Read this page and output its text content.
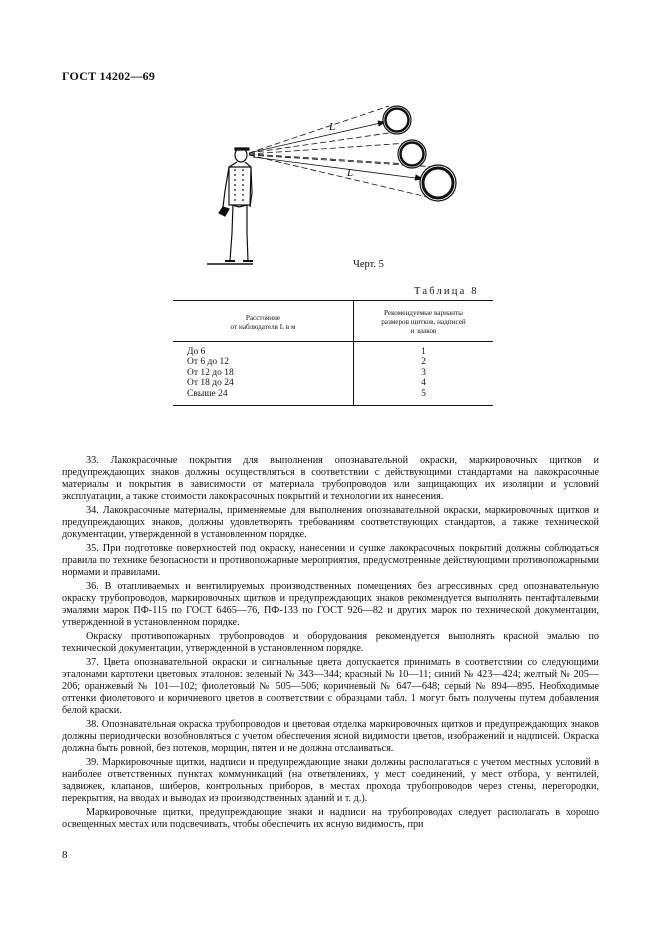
ГОСТ 14202—69
L
L
Черт. 5
Таблица 8
Расстояние
от наблюдателя L в м	Рекомендуемые варианты
размеров щитков, надписей
и знаков
До 6	1
От 6 до 12	2
От 12 до 18	3
От 18 до 24	4
Свыше 24	5

33. Лакокрасочные покрытия для выполнения опознавательной окраски, маркировочных щитков и предупреждающих знаков должны осуществляться в соответствии с действующими стандартами на лакокрасочные материалы и покрытия в зависимости от материала трубопроводов или защищающих их изоляции и условий эксплуатации, а также стоимости лакокрасочных покрытий и технологии их нанесения.

34. Лакокрасочные материалы, применяемые для выполнения опознавательной окраски, маркировочных щитков и предупреждающих знаков, должны удовлетворять требованиям соответствующих стандартов, а также технической документации, утвержденной в установленном порядке.

35. При подготовке поверхностей под окраску, нанесении и сушке лакокрасочных покрытий должны соблюдаться правила по технике безопасности и противопожарные мероприятия, предусмотренные действующими противопожарными нормами и правилами.

36. В отапливаемых и вентилируемых производственных помещениях без агрессивных сред опознавательную окраску трубопроводов, маркировочных щитков и предупреждающих знаков рекомендуется выполнять пентафталевыми эмалями марок ПФ-115 по ГОСТ 6465—76, ПФ-133 по ГОСТ 926—82 и других марок по технической документации, утвержденной в установленном порядке.

Окраску противопожарных трубопроводов и оборудования рекомендуется выполнять красной эмалью по технической документации, утвержденной в установленном порядке.

37. Цвета опознавательной окраски и сигнальные цвета допускается принимать в соответствии со следующими эталонами картотеки цветовых эталонов: зеленый № 343—344; красный № 10—11; синий № 423—424; желтый № 205—206; оранжевый № 101—102; фиолетовый № 505—506; коричневый № 647—648; серый № 894—895. Необходимые оттенки фиолетового и коричневого цветов в соответствии с образцами табл. 1 могут быть получены путем добавления белой краски.

38. Опознавательная окраска трубопроводов и цветовая отделка маркировочных щитков и предупреждающих знаков должны периодически возобновляться с учетом обеспечения ясной видимости цветов, изображений и надписей. Окраска должна быть ровной, без потеков, морщин, пятен и не должна отслаиваться.

39. Маркировочные щитки, надписи и предупреждающие знаки должны располагаться с учетом местных условий в наиболее ответственных пунктах коммуникаций (на ответвлениях, у мест соединений, у мест отбора, у вентилей, задвижек, клапанов, шиберов, контрольных приборов, в местах прохода трубопроводов через стены, перегородки, перекрытия, на вводах и выводах из производственных зданий и т. д.).

Маркировочные щитки, предупреждающие знаки и надписи на трубопроводах следует располагать в хорошо освещенных местах или подсвечивать, чтобы обеспечить их ясную видимость, при

8
